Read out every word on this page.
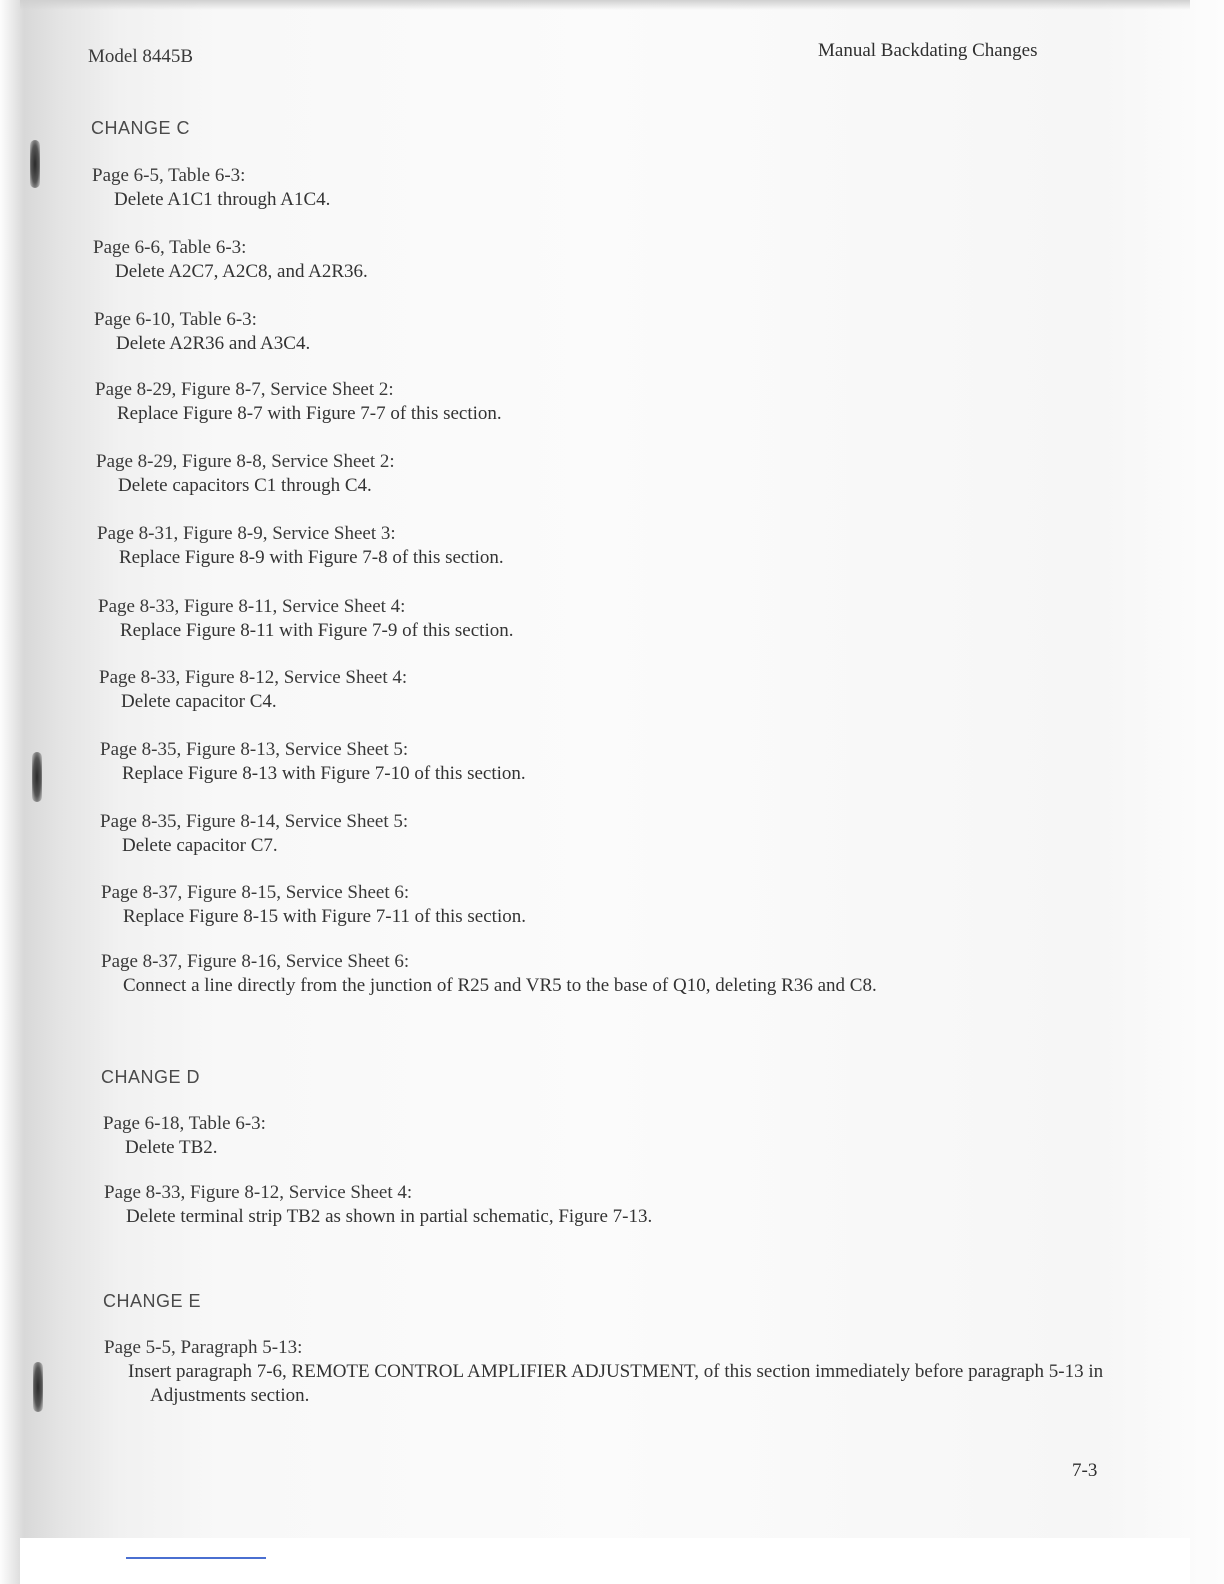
Model 8445B	Manual Backdating Changes
CHANGE C
Page 6-5, Table 6-3:
Delete A1C1 through A1C4.
Page 6-6, Table 6-3:
Delete A2C7, A2C8, and A2R36.
Page 6-10, Table 6-3:
Delete A2R36 and A3C4.
Page 8-29, Figure 8-7, Service Sheet 2:
Replace Figure 8-7 with Figure 7-7 of this section.
Page 8-29, Figure 8-8, Service Sheet 2:
Delete capacitors C1 through C4.
Page 8-31, Figure 8-9, Service Sheet 3:
Replace Figure 8-9 with Figure 7-8 of this section.
Page 8-33, Figure 8-11, Service Sheet 4:
Replace Figure 8-11 with Figure 7-9 of this section.
Page 8-33, Figure 8-12, Service Sheet 4:
Delete capacitor C4.
Page 8-35, Figure 8-13, Service Sheet 5:
Replace Figure 8-13 with Figure 7-10 of this section.
Page 8-35, Figure 8-14, Service Sheet 5:
Delete capacitor C7.
Page 8-37, Figure 8-15, Service Sheet 6:
Replace Figure 8-15 with Figure 7-11 of this section.
Page 8-37, Figure 8-16, Service Sheet 6:
Connect a line directly from the junction of R25 and VR5 to the base of Q10, deleting R36 and C8.
CHANGE D
Page 6-18, Table 6-3:
Delete TB2.
Page 8-33, Figure 8-12, Service Sheet 4:
Delete terminal strip TB2 as shown in partial schematic, Figure 7-13.
CHANGE E
Page 5-5, Paragraph 5-13:
Insert paragraph 7-6, REMOTE CONTROL AMPLIFIER ADJUSTMENT, of this section immediately before paragraph 5-13 in Adjustments section.
7-3
